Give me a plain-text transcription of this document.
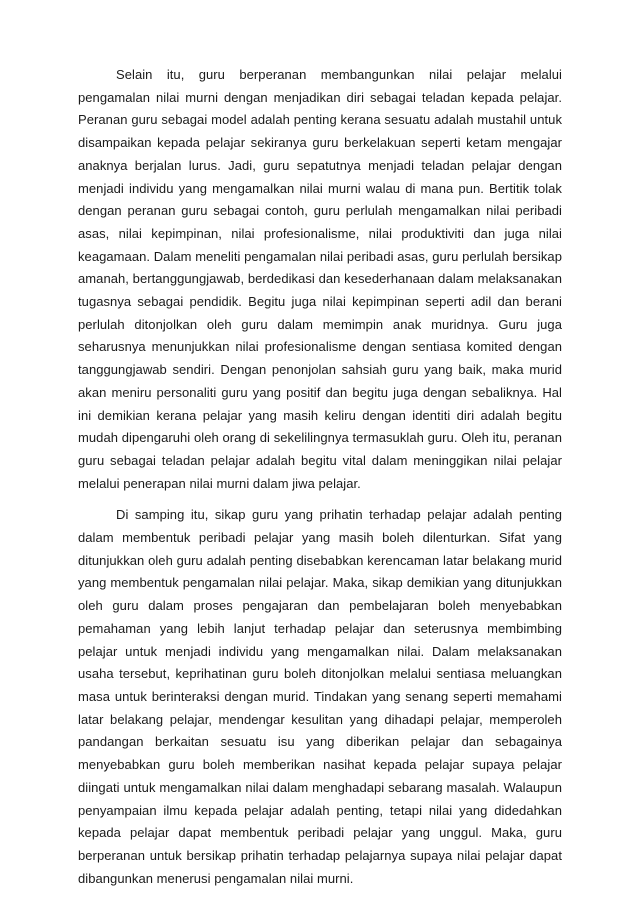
Selain itu, guru berperanan membangunkan nilai pelajar melalui pengamalan nilai murni dengan menjadikan diri sebagai teladan kepada pelajar. Peranan guru sebagai model adalah penting kerana sesuatu adalah mustahil untuk disampaikan kepada pelajar sekiranya guru berkelakuan seperti ketam mengajar anaknya berjalan lurus. Jadi, guru sepatutnya menjadi teladan pelajar dengan menjadi individu yang mengamalkan nilai murni walau di mana pun. Bertitik tolak dengan peranan guru sebagai contoh, guru perlulah mengamalkan nilai peribadi asas, nilai kepimpinan, nilai profesionalisme, nilai produktiviti dan juga nilai keagamaan. Dalam meneliti pengamalan nilai peribadi asas, guru perlulah bersikap amanah, bertanggungjawab, berdedikasi dan kesederhanaan dalam melaksanakan tugasnya sebagai pendidik. Begitu juga nilai kepimpinan seperti adil dan berani perlulah ditonjolkan oleh guru dalam memimpin anak muridnya. Guru juga seharusnya menunjukkan nilai profesionalisme dengan sentiasa komited dengan tanggungjawab sendiri. Dengan penonjolan sahsiah guru yang baik, maka murid akan meniru personaliti guru yang positif dan begitu juga dengan sebaliknya. Hal ini demikian kerana pelajar yang masih keliru dengan identiti diri adalah begitu mudah dipengaruhi oleh orang di sekelilingnya termasuklah guru. Oleh itu, peranan guru sebagai teladan pelajar adalah begitu vital dalam meninggikan nilai pelajar melalui penerapan nilai murni dalam jiwa pelajar.

Di samping itu, sikap guru yang prihatin terhadap pelajar adalah penting dalam membentuk peribadi pelajar yang masih boleh dilenturkan. Sifat yang ditunjukkan oleh guru adalah penting disebabkan kerencaman latar belakang murid yang membentuk pengamalan nilai pelajar. Maka, sikap demikian yang ditunjukkan oleh guru dalam proses pengajaran dan pembelajaran boleh menyebabkan pemahaman yang lebih lanjut terhadap pelajar dan seterusnya membimbing pelajar untuk menjadi individu yang mengamalkan nilai. Dalam melaksanakan usaha tersebut, keprihatinan guru boleh ditonjolkan melalui sentiasa meluangkan masa untuk berinteraksi dengan murid. Tindakan yang senang seperti memahami latar belakang pelajar, mendengar kesulitan yang dihadapi pelajar, memperoleh pandangan berkaitan sesuatu isu yang diberikan pelajar dan sebagainya menyebabkan guru boleh memberikan nasihat kepada pelajar supaya pelajar diingati untuk mengamalkan nilai dalam menghadapi sebarang masalah. Walaupun penyampaian ilmu kepada pelajar adalah penting, tetapi nilai yang didedahkan kepada pelajar dapat membentuk peribadi pelajar yang unggul. Maka, guru berperanan untuk bersikap prihatin terhadap pelajarnya supaya nilai pelajar dapat dibangunkan menerusi pengamalan nilai murni.
